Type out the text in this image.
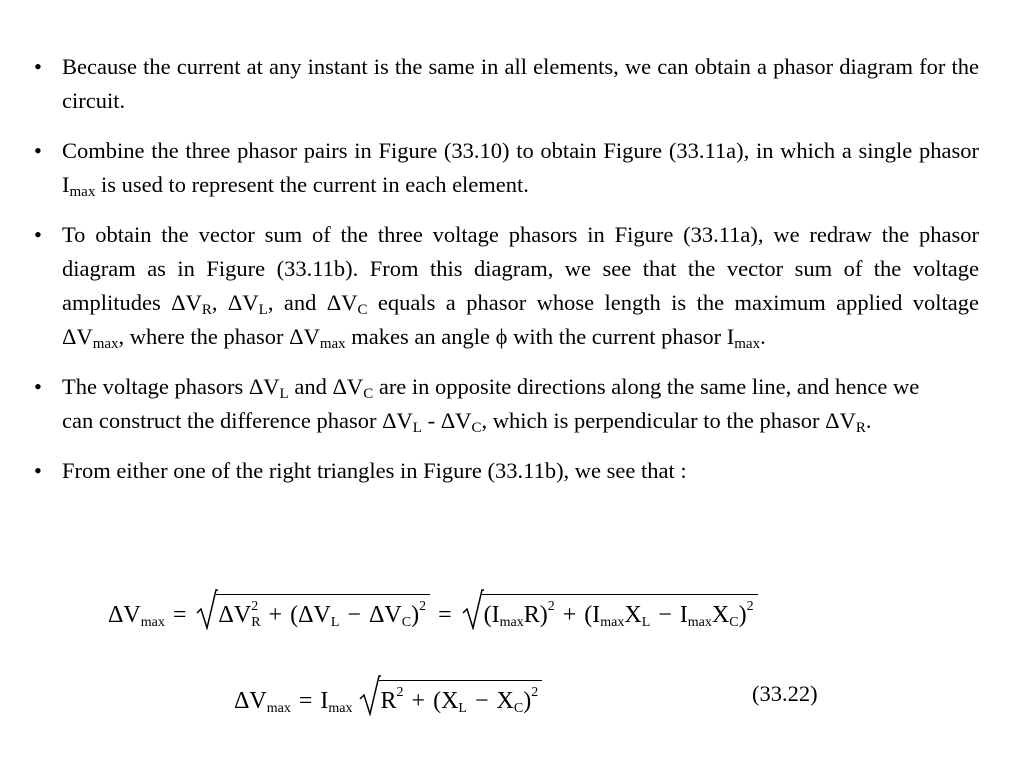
• Because the current at any instant is the same in all elements, we can obtain a phasor diagram for the circuit.
• Combine the three phasor pairs in Figure (33.10) to obtain Figure (33.11a), in which a single phasor $I_{max}$ is used to represent the current in each element.
• To obtain the vector sum of the three voltage phasors in Figure (33.11a), we redraw the phasor diagram as in Figure (33.11b). From this diagram, we see that the vector sum of the voltage amplitudes $\Delta V_R$, $\Delta V_L$, and $\Delta V_C$ equals a phasor whose length is the maximum applied voltage $\Delta V_{max}$, where the phasor $\Delta V_{max}$ makes an angle ϕ with the current phasor $I_{max}$.
• The voltage phasors $\Delta V_L$ and $\Delta V_C$ are in opposite directions along the same line, and hence we can construct the difference phasor $\Delta V_L - \Delta V_C$, which is perpendicular to the phasor $\Delta V_R$.
• From either one of the right triangles in Figure (33.11b), we see that :
$\Delta Vmax = \Delta V^2R + (\Delta VL - \Delta VC)^2 = (ImaxR)^2$ + (ImaxXL − ImaxXC)$^2$
ΔVmax = Imax $R^2 + (XL - XC)^2$	(33.22)
